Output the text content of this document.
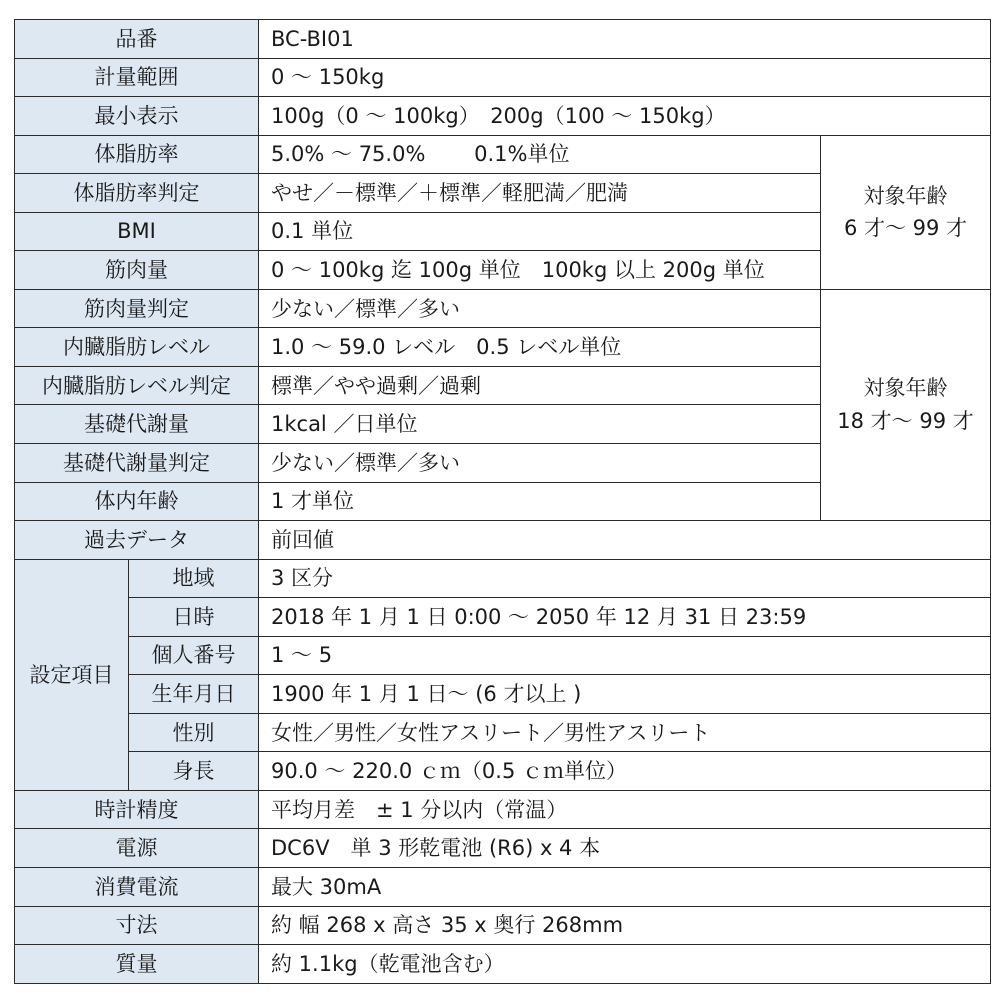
品番		BC-BI01	
計量範囲		0 ～ 150kg	
最小表示		100g（0 ～ 100kg）　200g（100 ～ 150kg）	
体脂肪率		5.0% ～ 75.0%　　 0.1%単位	対象年齢
6 才～ 99 才

体脂肪率判定		やせ／－標準／＋標準／軽肥満／肥満	
BMI		0.1 単位	
筋肉量		0 ～ 100kg 迄 100g 単位　100kg 以上 200g 単位	
筋肉量判定		少ない／標準／多い	対象年齢
18 才～ 99 才

内臓脂肪レベル		1.0 ～ 59.0 レベル　0.5 レベル単位	
内臓脂肪レベル判定		標準／やや過剰／過剰	
基礎代謝量		1kcal ／日単位	
基礎代謝量判定		少ない／標準／多い	
体内年齢		1 才単位	
過去データ		前回値	
設定項目	地域	3 区分	
	日時	2018 年 1 月 1 日 0:00 ～ 2050 年 12 月 31 日 23:59	
	個人番号	1 ～ 5	
	生年月日	1900 年 1 月 1 日～ (6 才以上 )	
	性別	女性／男性／女性アスリート／男性アスリート	
	身長	90.0 ～ 220.0 ｃｍ（0.5 ｃｍ単位）	
時計精度		平均月差　± 1 分以内（常温）	
電源		DC6V　単 3 形乾電池 (R6) x 4 本	
消費電流		最大 30mA	
寸法		約 幅 268 x 高さ 35 x 奥行 268mm	
質量		約 1.1kg（乾電池含む）	
